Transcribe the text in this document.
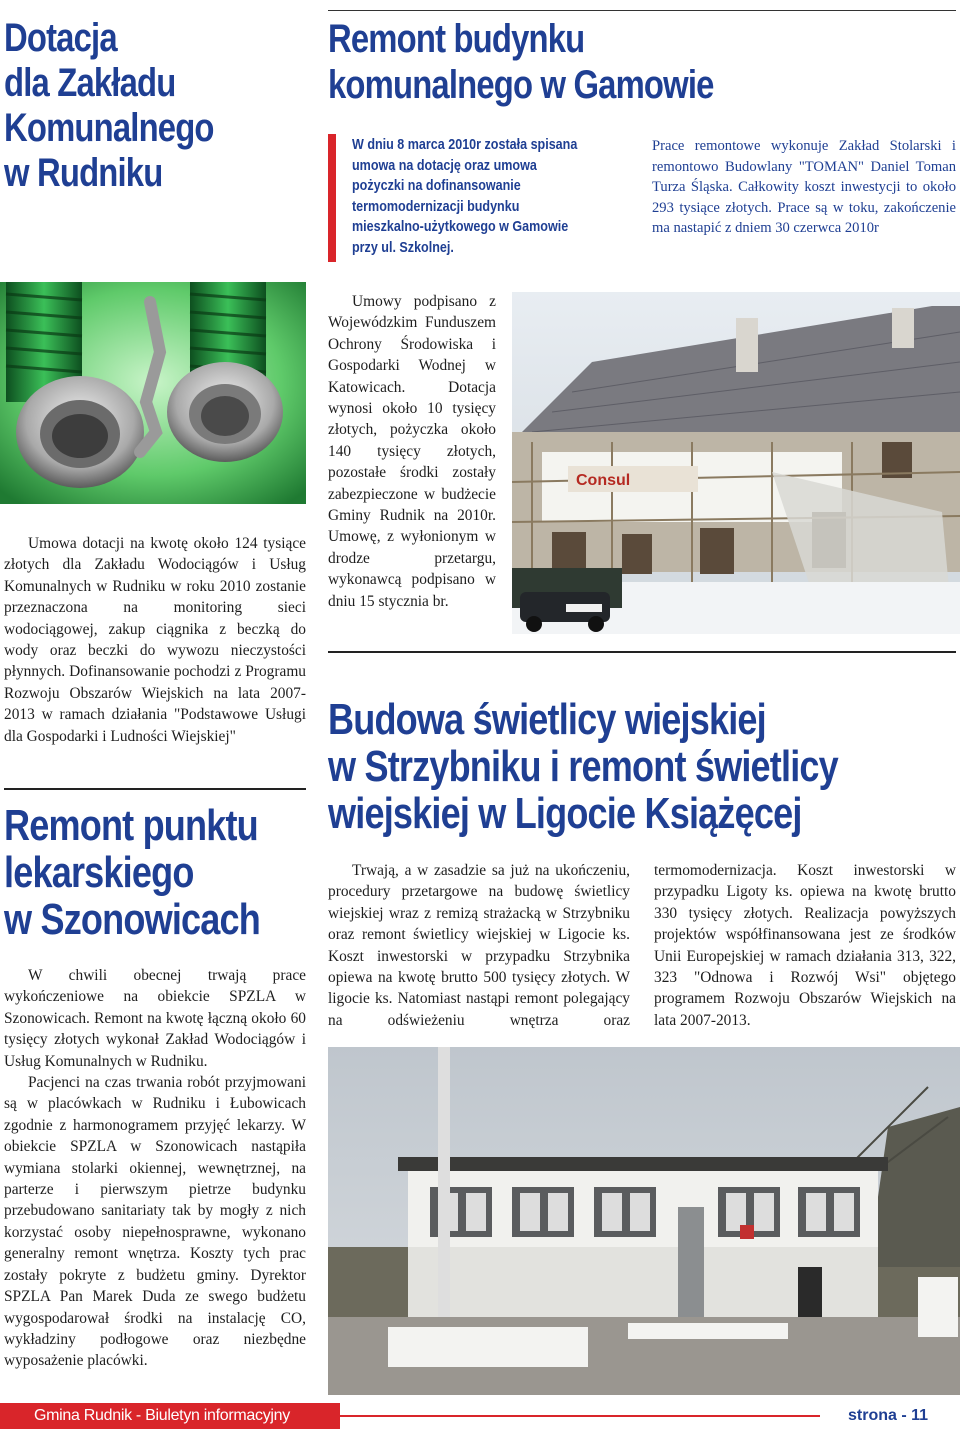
Dotacja
dla Zakładu
Komunalnego
w Rudniku
Remont budynku
komunalnego w Gamowie
W dniu 8 marca 2010r została spisana
umowa na dotację oraz umowa
pożyczki na dofinansowanie
termomodernizacji budynku
mieszkalno-użytkowego w Gamowie
przy ul. Szkolnej.

Prace remontowe wykonuje Zakład Stolarski i remontowo Budowlany "TOMAN" Daniel Toman Turza Śląska. Całkowity koszt inwestycji to około 293 tysiące złotych. Prace są w toku, zakończenie ma nastapić z dniem 30 czerwca 2010r

Umowa dotacji na kwotę około 124 tysiące złotych dla Zakładu Wodociągów i Usług Komunalnych w Rudniku w roku 2010 zostanie przeznaczona na monitoring sieci wodociągowej, zakup ciągnika z beczką do wody oraz beczki do wywozu nieczystości płynnych. Dofinansowanie pochodzi z Programu Rozwoju Obszarów Wiejskich na lata 2007-2013 w ramach działania "Podstawowe Usługi dla Gospodarki i Ludności Wiejskiej"

Remont punktu
lekarskiego
w Szonowicach

W chwili obecnej trwają prace wykończeniowe na obiekcie SPZLA w Szonowicach. Remont na kwotę łączną około 60 tysięcy złotych wykonał Zakład Wodociągów i Usług Komunalnych w Rudniku.

Pacjenci na czas trwania robót przyjmowani są w placówkach w Rudniku i Łubowicach zgodnie z harmonogramem przyjęć lekarzy. W obiekcie SPZLA w Szonowicach nastąpiła wymiana stolarki okiennej, wewnętrznej, na parterze i pierwszym pietrze budynku przebudowano sanitariaty tak by mogły z nich korzystać osoby niepełnosprawne, wykonano generalny remont wnętrza. Koszty tych prac zostały pokryte z budżetu gminy. Dyrektor SPZLA Pan Marek Duda ze swego budżetu wygospodarował środki na instalację CO, wykładziny podłogowe oraz niezbędne wyposażenie placówki.

Umowy podpisano z Wojewódzkim Funduszem Ochrony Środowiska i Gospodarki Wodnej w Katowicach. Dotacja wynosi około 10 tysięcy złotych, pożyczka około 140 tysięcy złotych, pozostałe środki zostały zabezpieczone w budżecie Gminy Rudnik na 2010r. Umowę, z wyłonionym w drodze przetargu, wykonawcą podpisano w dniu 15 stycznia br.

Consul
Budowa świetlicy wiejskiej
w Strzybniku i remont świetlicy
wiejskiej w Ligocie Książęcej

Trwają, a w zasadzie sa już na ukończeniu, procedury przetargowe na budowę świetlicy wiejskiej wraz z remizą strażacką w Strzybniku oraz remont świetlicy wiejskiej w Ligocie ks. Koszt inwestorski w przypadku Strzybnika opiewa na kwotę brutto 500 tysięcy złotych. W ligocie ks. Natomiast nastąpi remont polegający na odświeżeniu wnętrza oraz termomodernizacja. Koszt inwestorski w przypadku Ligoty ks. opiewa na kwotę brutto 330 tysięcy złotych. Realizacja powyższych projektów współfinansowana jest ze środków Unii Europejskiej w ramach działania 313, 322, 323 "Odnowa i Rozwój Wsi" objętego programem Rozwoju Obszarów Wiejskich na lata 2007-2013.

Gmina Rudnik - Biuletyn informacyjny	strona - 11
